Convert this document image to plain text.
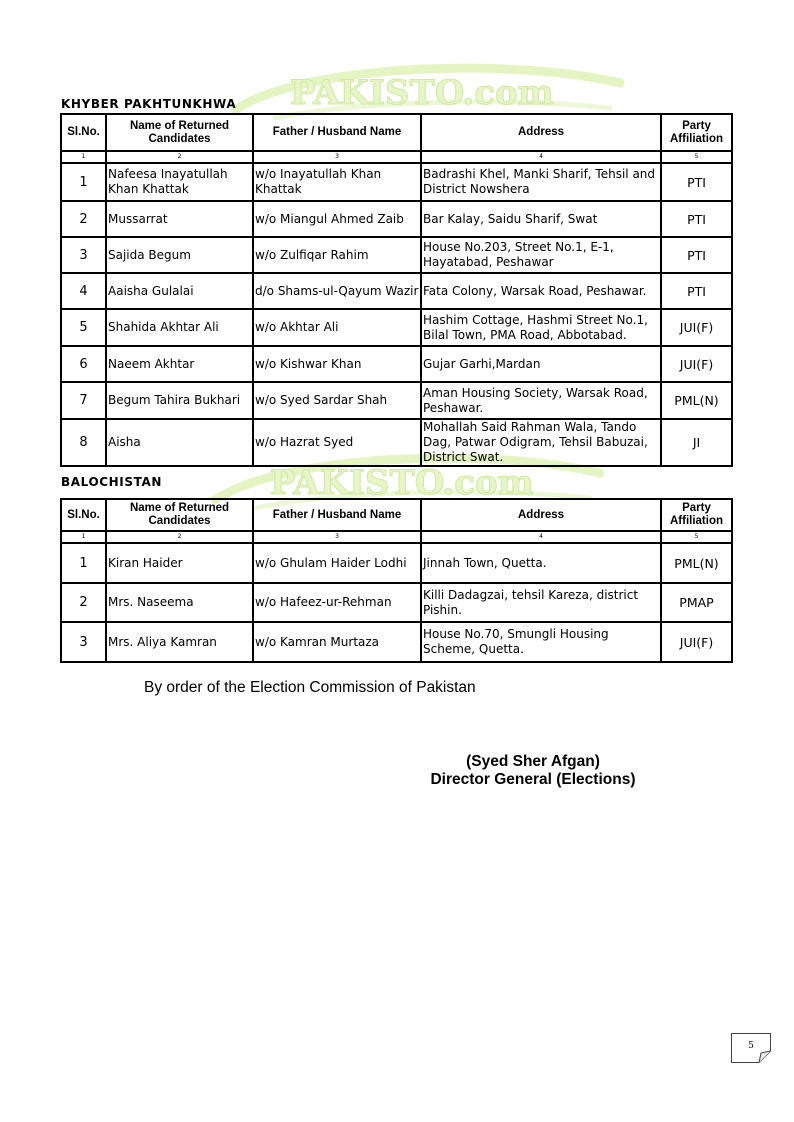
PAKISTO.com
PAKISTO.com
KHYBER PAKHTUNKHWA
Sl.No.	Name of Returned Candidates	Father / Husband Name	Address	Party Affiliation
1	2	3	4	5
1	Nafeesa Inayatullah Khan Khattak	w/o Inayatullah Khan Khattak	Badrashi Khel, Manki Sharif, Tehsil and District Nowshera	PTI
2	Mussarrat	w/o Miangul Ahmed Zaib	Bar Kalay, Saidu Sharif, Swat	PTI
3	Sajida Begum	w/o Zulfiqar Rahim	House No.203, Street No.1, E-1, Hayatabad, Peshawar	PTI
4	Aaisha Gulalai	d/o Shams-ul-Qayum Wazir	Fata Colony, Warsak Road, Peshawar.	PTI
5	Shahida Akhtar Ali	w/o Akhtar Ali	Hashim Cottage, Hashmi Street No.1, Bilal Town, PMA Road, Abbotabad.	JUI(F)
6	Naeem Akhtar	w/o Kishwar Khan	Gujar Garhi,Mardan	JUI(F)
7	Begum Tahira Bukhari	w/o Syed Sardar Shah	Aman Housing Society, Warsak Road, Peshawar.	PML(N)
8	Aisha	w/o Hazrat Syed	Mohallah Said Rahman Wala, Tando Dag, Patwar Odigram, Tehsil Babuzai, District Swat.	JI
BALOCHISTAN
Sl.No.	Name of Returned Candidates	Father / Husband Name	Address	Party Affiliation
1	2	3	4	5
1	Kiran Haider	w/o Ghulam Haider Lodhi	Jinnah Town, Quetta.	PML(N)
2	Mrs. Naseema	w/o Hafeez-ur-Rehman	Killi Dadagzai, tehsil Kareza, district Pishin.	PMAP
3	Mrs. Aliya Kamran	w/o Kamran Murtaza	House No.70, Smungli Housing Scheme, Quetta.	JUI(F)
By order of the Election Commission of Pakistan
(Syed Sher Afgan)
Director General (Elections)
5
